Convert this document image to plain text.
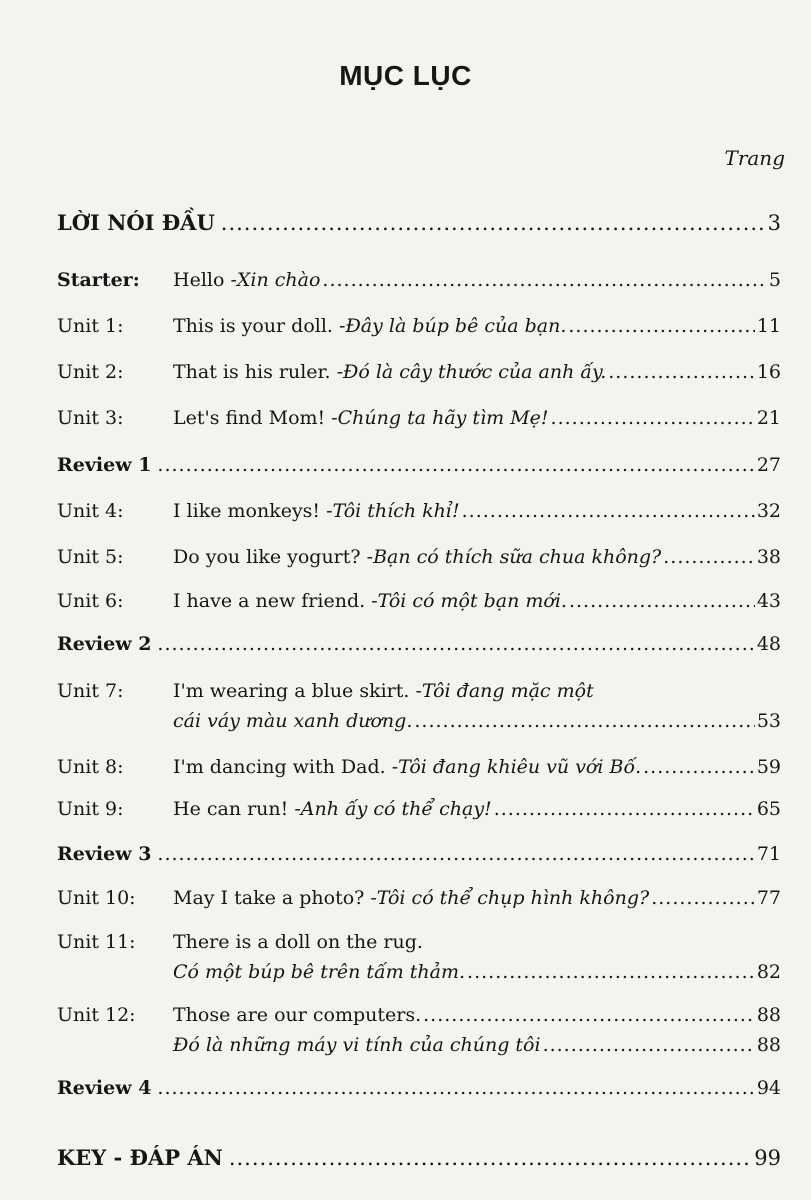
MỤC LỤC
Trang
LỜI NÓI ĐẦU .....	3
Starter:	Hello - Xin chào .....	5
Unit 1:	This is your doll. - Đây là búp bê của bạn. .....	11
Unit 2:	That is his ruler. - Đó là cây thước của anh ấy. .....	16
Unit 3:	Let's find Mom! - Chúng ta hãy tìm Mẹ! .....	21
Review 1 .....	27
Unit 4:	I like monkeys! - Tôi thích khỉ! .....	32
Unit 5:	Do you like yogurt? - Bạn có thích sữa chua không? .....	38
Unit 6:	I have a new friend. - Tôi có một bạn mới. .....	43
Review 2 .....	48
Unit 7:	I'm wearing a blue skirt. - Tôi đang mặc một
cái váy màu xanh dương. .....	53
Unit 8:	I'm dancing with Dad. - Tôi đang khiêu vũ với Bố. .....	59
Unit 9:	He can run! - Anh ấy có thể chạy! .....	65
Review 3 .....	71
Unit 10:	May I take a photo? - Tôi có thể chụp hình không? .....	77
Unit 11:	There is a doll on the rug.
Có một búp bê trên tấm thảm. .....	82
Unit 12:	Those are our computers. .....	88
Đó là những máy vi tính của chúng tôi .....	88
Review 4 .....	94
KEY - ĐÁP ÁN .....	99
